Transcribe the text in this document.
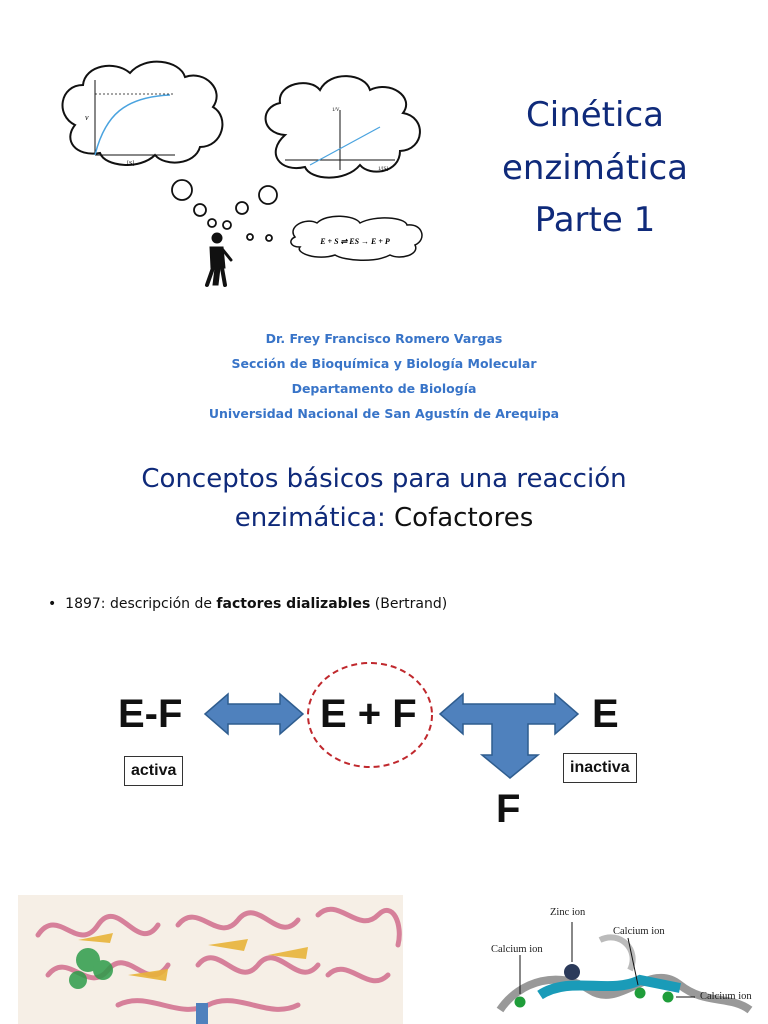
v
[S]
1/V
1/[S]
E + S ⇌ ES → E + P
Cinética
enzimática
Parte 1
Dr. Frey Francisco Romero Vargas
Sección de Bioquímica y Biología Molecular
Departamento de Biología
Universidad Nacional de San Agustín de Arequipa
Conceptos básicos para una reacción
enzimática: Cofactores
•  1897: descripción de factores dializables (Bertrand)
E-F	E + F	E
F
activa	inactiva
Zinc ion
Calcium ion
Calcium ion
Calcium ion
